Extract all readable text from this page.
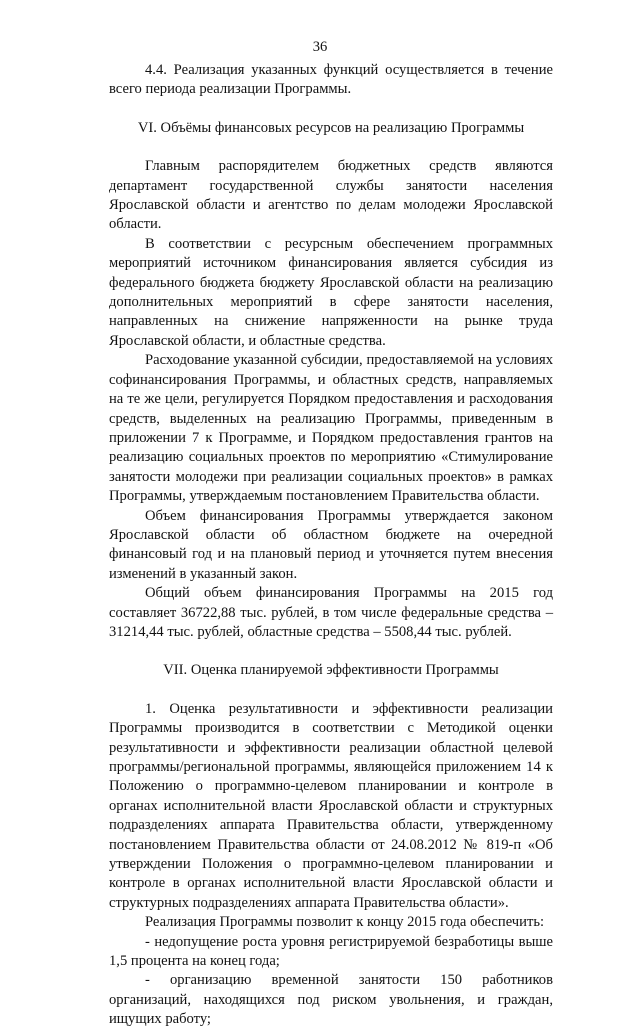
36

4.4. Реализация указанных функций осуществляется в течение всего периода реализации Программы.

VI. Объёмы финансовых ресурсов на реализацию Программы

Главным распорядителем бюджетных средств являются департамент государственной службы занятости населения Ярославской области и агентство по делам молодежи Ярославской области.

В соответствии с ресурсным обеспечением программных мероприятий источником финансирования является субсидия из федерального бюджета бюджету Ярославской области на реализацию дополнительных мероприятий в сфере занятости населения, направленных на снижение напряженности на рынке труда Ярославской области, и областные средства.

Расходование указанной субсидии, предоставляемой на условиях софинансирования Программы, и областных средств, направляемых на те же цели, регулируется Порядком предоставления и расходования средств, выделенных на реализацию Программы, приведенным в приложении 7 к Программе, и Порядком предоставления грантов на реализацию социальных проектов по мероприятию «Стимулирование занятости молодежи при реализации социальных проектов» в рамках Программы, утверждаемым постановлением Правительства области.

Объем финансирования Программы утверждается законом Ярославской области об областном бюджете на очередной финансовый год и на плановый период и уточняется путем внесения изменений в указанный закон.

Общий объем финансирования Программы на 2015 год составляет 36722,88 тыс. рублей, в том числе федеральные средства – 31214,44 тыс. рублей, областные средства – 5508,44 тыс. рублей.

VII. Оценка планируемой эффективности Программы

1. Оценка результативности и эффективности реализации Программы производится в соответствии с Методикой оценки результативности и эффективности реализации областной целевой программы/региональной программы, являющейся приложением 14 к Положению о программно-целевом планировании и контроле в органах исполнительной власти Ярославской области и структурных подразделениях аппарата Правительства области, утвержденному постановлением Правительства области от 24.08.2012 № 819-п «Об утверждении Положения о программно-целевом планировании и контроле в органах исполнительной власти Ярославской области и структурных подразделениях аппарата Правительства области».

Реализация Программы позволит к концу 2015 года обеспечить:

- недопущение роста уровня регистрируемой безработицы выше 1,5 процента на конец года;

- организацию временной занятости 150 работников организаций, находящихся под риском увольнения, и граждан, ищущих работу;
